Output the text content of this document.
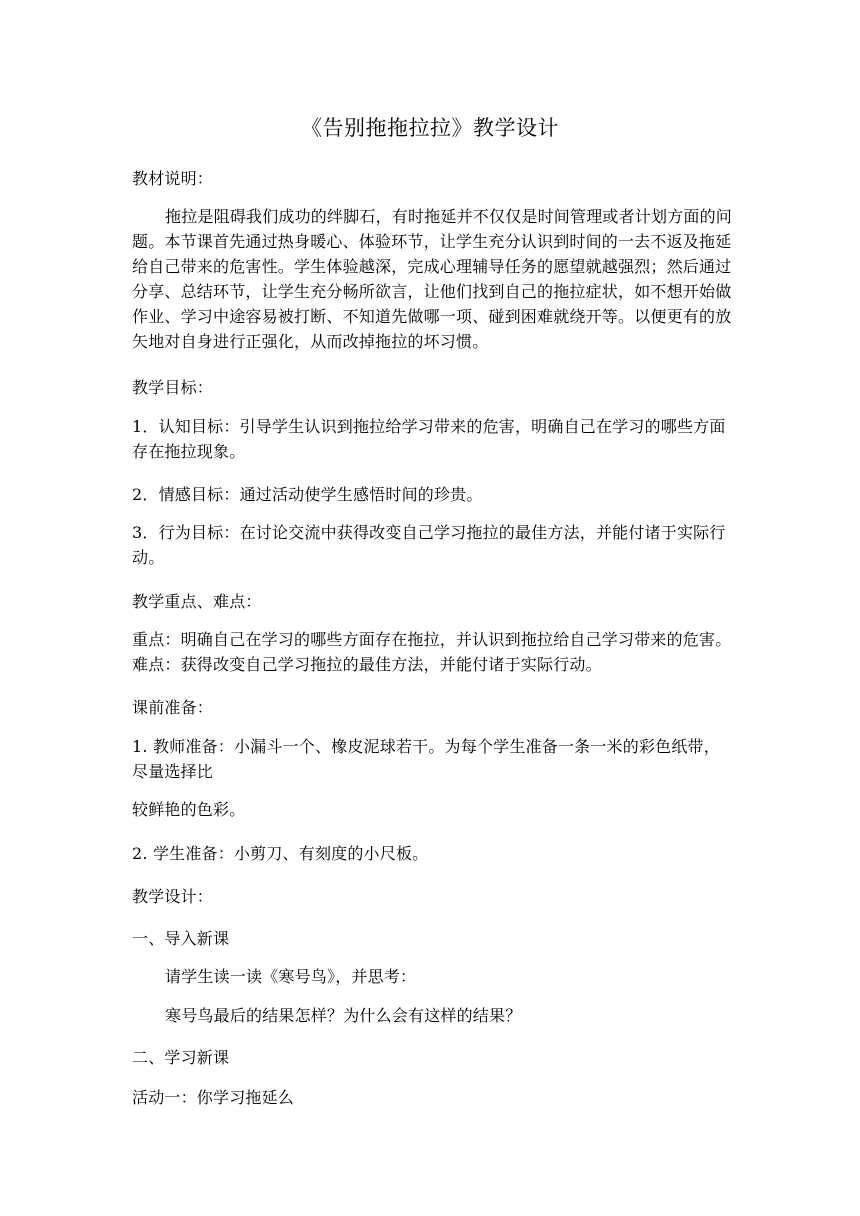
《告别拖拖拉拉》教学设计
教材说明：
拖拉是阻碍我们成功的绊脚石，有时拖延并不仅仅是时间管理或者计划方面的问题。本节课首先通过热身暖心、体验环节，让学生充分认识到时间的一去不返及拖延给自己带来的危害性。学生体验越深，完成心理辅导任务的愿望就越强烈；然后通过分享、总结环节，让学生充分畅所欲言，让他们找到自己的拖拉症状，如不想开始做作业、学习中途容易被打断、不知道先做哪一项、碰到困难就绕开等。以便更有的放矢地对自身进行正强化，从而改掉拖拉的坏习惯。
教学目标：
1．认知目标：引导学生认识到拖拉给学习带来的危害，明确自己在学习的哪些方面存在拖拉现象。
2．情感目标：通过活动使学生感悟时间的珍贵。
3．行为目标：在讨论交流中获得改变自己学习拖拉的最佳方法，并能付诸于实际行动。
教学重点、难点：
重点：明确自己在学习的哪些方面存在拖拉，并认识到拖拉给自己学习带来的危害。 难点：获得改变自己学习拖拉的最佳方法，并能付诸于实际行动。
课前准备：
1. 教师准备：小漏斗一个、橡皮泥球若干。为每个学生准备一条一米的彩色纸带，尽量选择比
较鲜艳的色彩。
2. 学生准备：小剪刀、有刻度的小尺板。
教学设计：
一、导入新课
请学生读一读《寒号鸟》，并思考：
寒号鸟最后的结果怎样？为什么会有这样的结果？
二、学习新课
活动一：你学习拖延么
